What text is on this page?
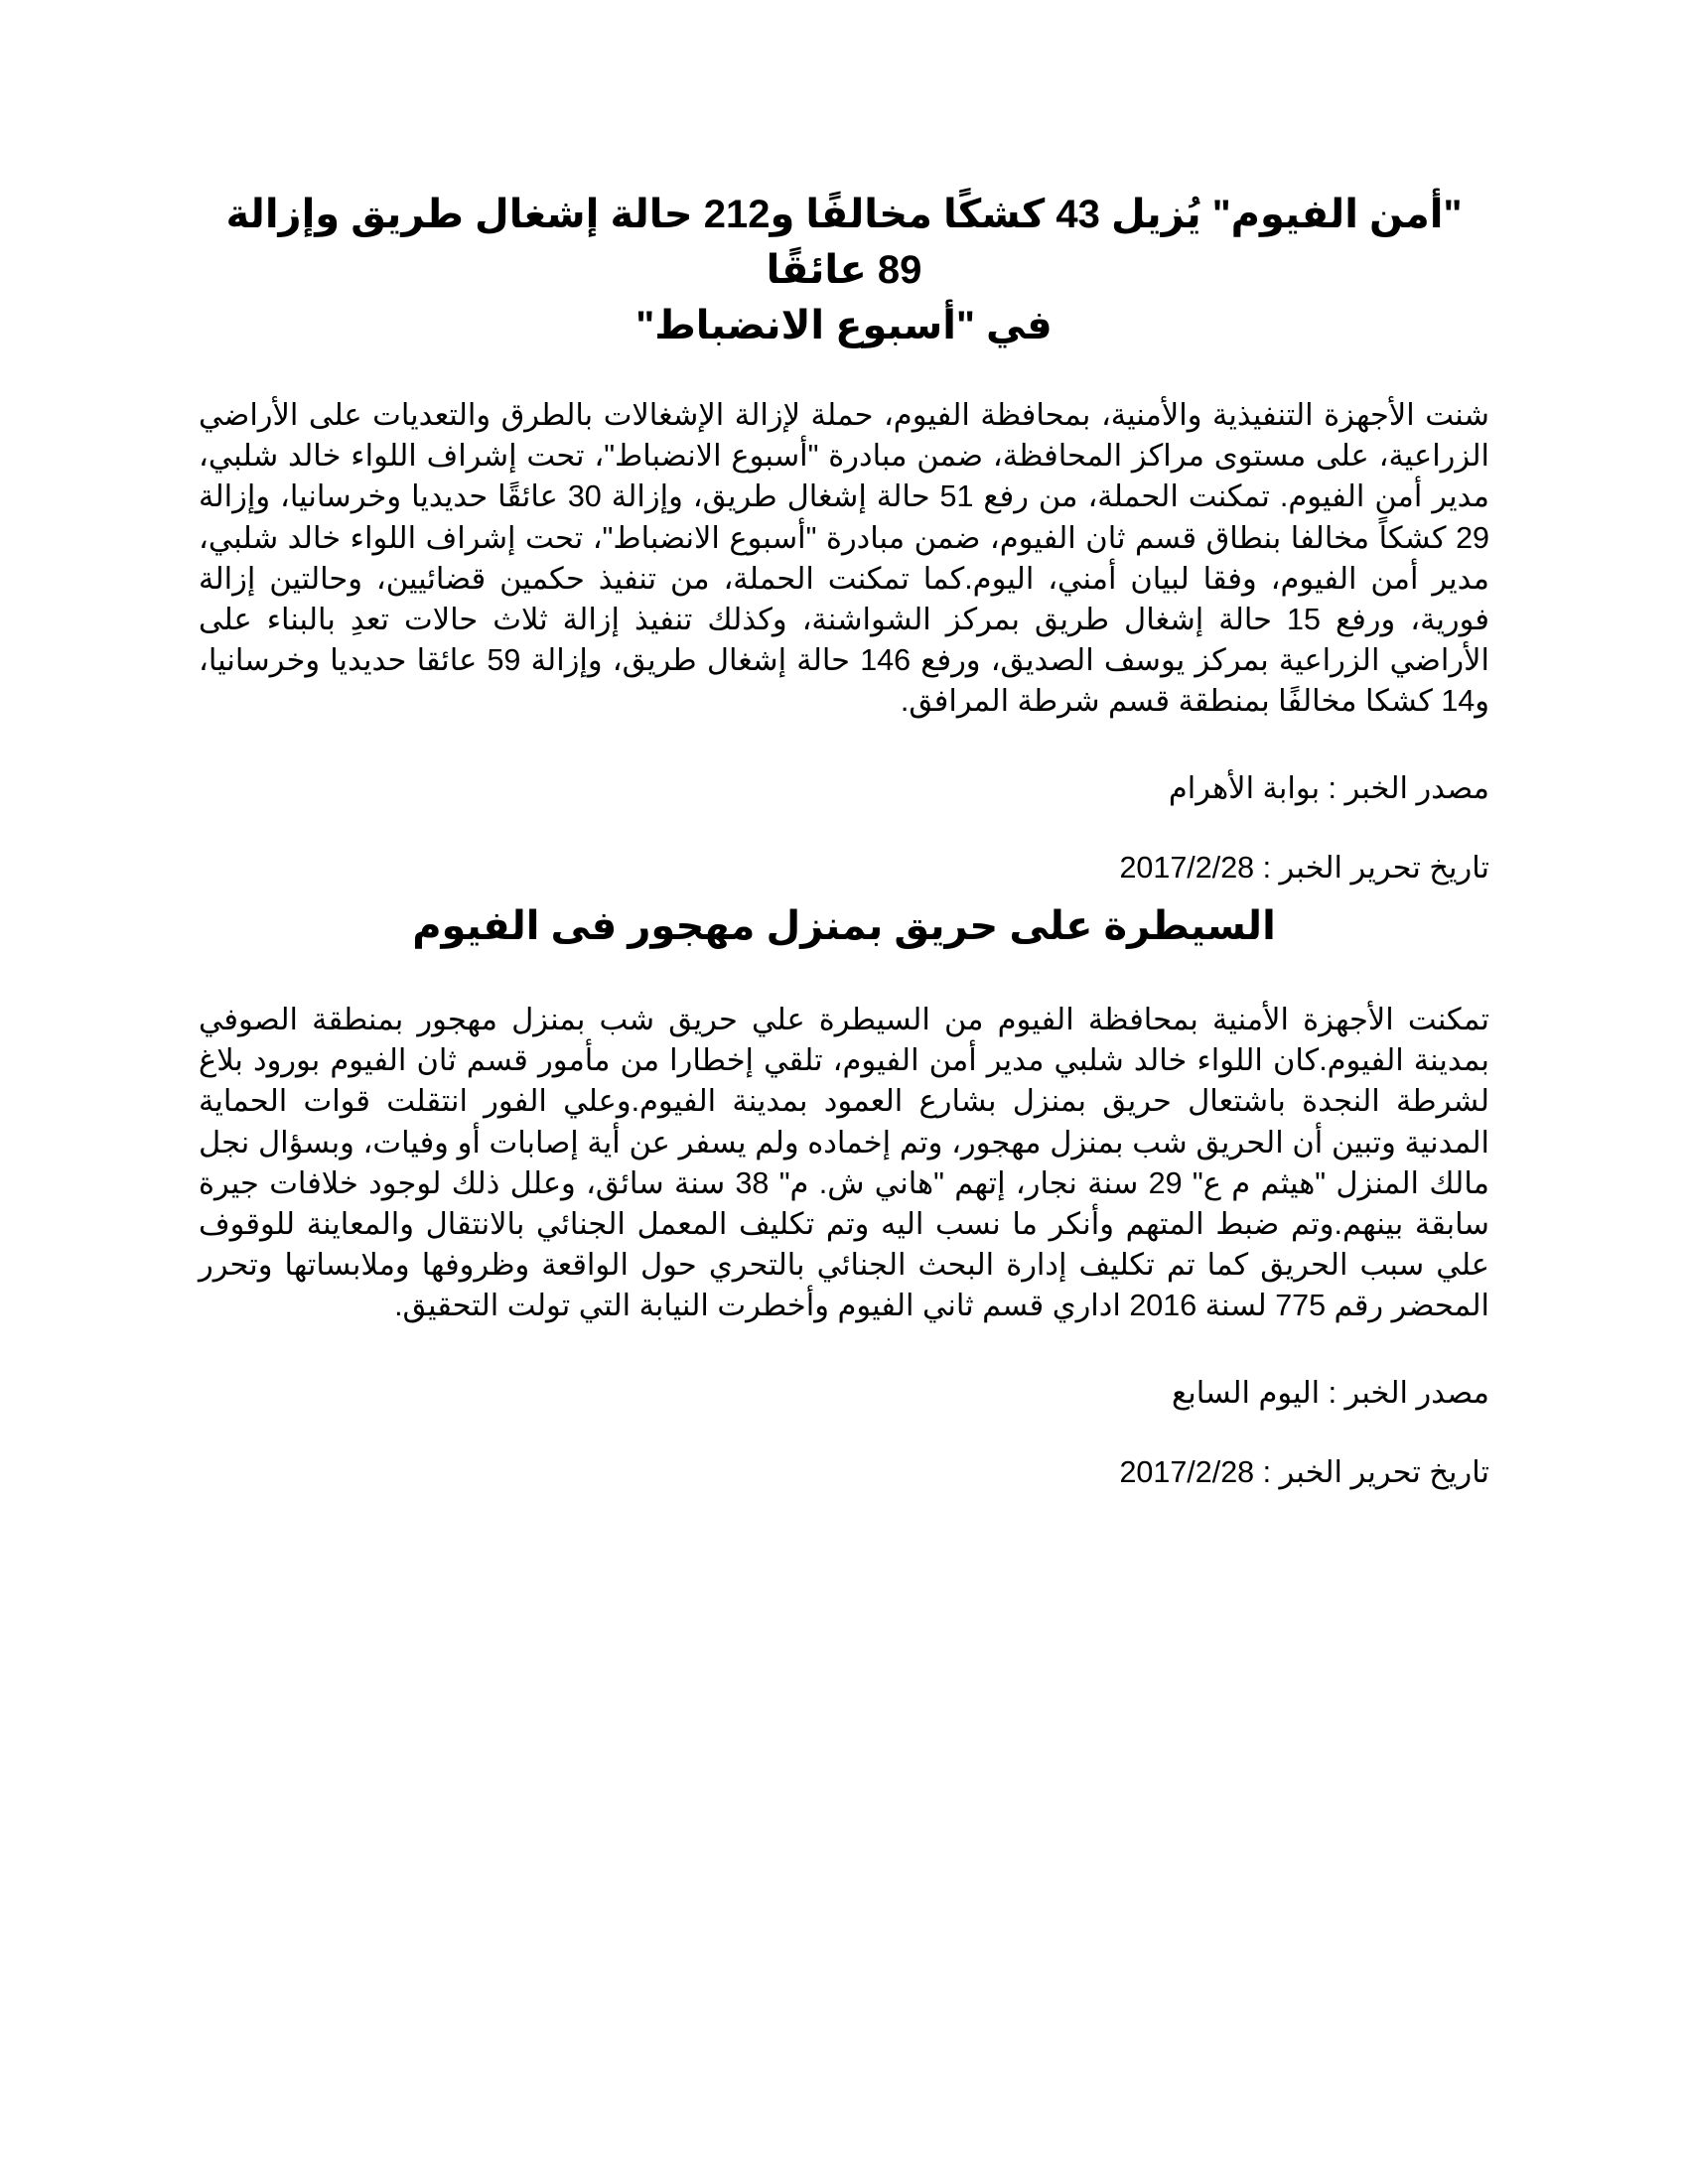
"أمن الفيوم" يُزيل 43 كشكًا مخالفًا و212 حالة إشغال طريق وإزالة 89 عائقًا
في "أسبوع الانضباط"

شنت الأجهزة التنفيذية والأمنية، بمحافظة الفيوم، حملة لإزالة الإشغالات بالطرق والتعديات على الأراضي الزراعية، على مستوى مراكز المحافظة، ضمن مبادرة "أسبوع الانضباط"، تحت إشراف اللواء خالد شلبي، مدير أمن الفيوم. تمكنت الحملة، من رفع 51 حالة إشغال طريق، وإزالة 30 عائقًا حديديا وخرسانيا، وإزالة 29 كشكاً مخالفا بنطاق قسم ثان الفيوم، ضمن مبادرة "أسبوع الانضباط"، تحت إشراف اللواء خالد شلبي، مدير أمن الفيوم، وفقا لبيان أمني، اليوم.كما تمكنت الحملة، من تنفيذ حكمين قضائيين، وحالتين إزالة فورية، ورفع 15 حالة إشغال طريق بمركز الشواشنة، وكذلك تنفيذ إزالة ثلاث حالات تعدِ بالبناء على الأراضي الزراعية بمركز يوسف الصديق، ورفع 146 حالة إشغال طريق، وإزالة 59 عائقا حديديا وخرسانيا، و14 كشكا مخالفًا بمنطقة قسم شرطة المرافق.

مصدر الخبر : بوابة الأهرام

تاريخ تحرير الخبر : 2017/2/28

السيطرة على حريق بمنزل مهجور فى الفيوم

تمكنت الأجهزة الأمنية بمحافظة الفيوم من السيطرة علي حريق شب بمنزل مهجور بمنطقة الصوفي بمدينة الفيوم.كان اللواء خالد شلبي مدير أمن الفيوم، تلقي إخطارا من مأمور قسم ثان الفيوم بورود بلاغ لشرطة النجدة باشتعال حريق بمنزل بشارع العمود بمدينة الفيوم.وعلي الفور انتقلت قوات الحماية المدنية وتبين أن الحريق شب بمنزل مهجور، وتم إخماده ولم يسفر عن أية إصابات أو وفيات، وبسؤال نجل مالك المنزل "هيثم م ع" 29 سنة نجار، إتهم "هاني ش. م" 38 سنة سائق، وعلل ذلك لوجود خلافات جيرة سابقة بينهم.وتم ضبط المتهم وأنكر ما نسب اليه وتم تكليف المعمل الجنائي بالانتقال والمعاينة للوقوف علي سبب الحريق كما تم تكليف إدارة البحث الجنائي بالتحري حول الواقعة وظروفها وملابساتها وتحرر المحضر رقم 775 لسنة 2016 اداري قسم ثاني الفيوم وأخطرت النيابة التي تولت التحقيق.

مصدر الخبر : اليوم السابع

تاريخ تحرير الخبر : 2017/2/28
